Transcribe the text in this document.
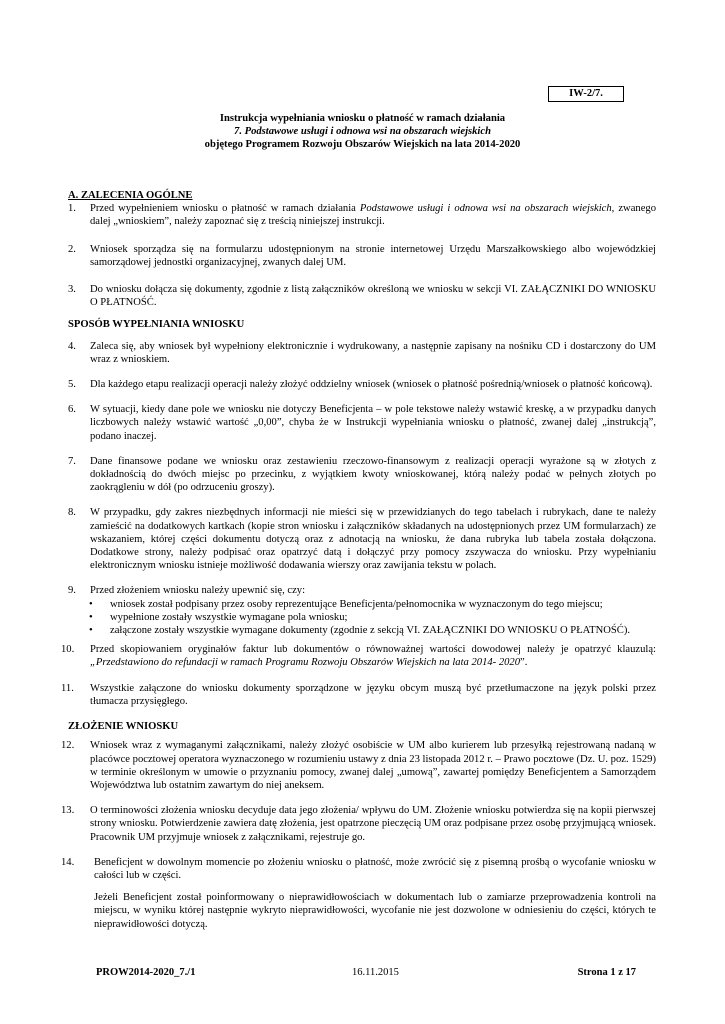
IW-2/7.
Instrukcja wypełniania wniosku o płatność w ramach działania
7. Podstawowe usługi i odnowa wsi na obszarach wiejskich
objętego Programem Rozwoju Obszarów Wiejskich na lata 2014-2020

A. ZALECENIA OGÓLNE

1. Przed wypełnieniem wniosku o płatność w ramach działania Podstawowe usługi i odnowa wsi na obszarach wiejskich, zwanego dalej „wnioskiem”, należy zapoznać się z treścią niniejszej instrukcji.
2. Wniosek sporządza się na formularzu udostępnionym na stronie internetowej Urzędu Marszałkowskiego albo wojewódzkiej samorządowej jednostki organizacyjnej, zwanych dalej UM.
3. Do wniosku dołącza się dokumenty, zgodnie z listą załączników określoną we wniosku w sekcji VI. ZAŁĄCZNIKI DO WNIOSKU O PŁATNOŚĆ.

SPOSÓB WYPEŁNIANIA WNIOSKU

4. Zaleca się, aby wniosek był wypełniony elektronicznie i wydrukowany, a następnie zapisany na nośniku CD i dostarczony do UM wraz z wnioskiem.
5. Dla każdego etapu realizacji operacji należy złożyć oddzielny wniosek (wniosek o płatność pośrednią/wniosek o płatność końcową).
6. W sytuacji, kiedy dane pole we wniosku nie dotyczy Beneficjenta – w pole tekstowe należy wstawić kreskę, a w przypadku danych liczbowych należy wstawić wartość „0,00”, chyba że w Instrukcji wypełniania wniosku o płatność, zwanej dalej „instrukcją”, podano inaczej.
7. Dane finansowe podane we wniosku oraz zestawieniu rzeczowo-finansowym z realizacji operacji wyrażone są w złotych z dokładnością do dwóch miejsc po przecinku, z wyjątkiem kwoty wnioskowanej, którą należy podać w pełnych złotych po zaokrągleniu w dół (po odrzuceniu groszy).
8. W przypadku, gdy zakres niezbędnych informacji nie mieści się w przewidzianych do tego tabelach i rubrykach, dane te należy zamieścić na dodatkowych kartkach (kopie stron wniosku i załączników składanych na udostępnionych przez UM formularzach) ze wskazaniem, której części dokumentu dotyczą oraz z adnotacją na wniosku, że dana rubryka lub tabela została dołączona. Dodatkowe strony, należy podpisać oraz opatrzyć datą i dołączyć przy pomocy zszywacza do wniosku. Przy wypełnianiu elektronicznym wniosku istnieje możliwość dodawania wierszy oraz zawijania tekstu w polach.
9. Przed złożeniem wniosku należy upewnić się, czy:
• wniosek został podpisany przez osoby reprezentujące Beneficjenta/pełnomocnika w wyznaczonym do tego miejscu;
• wypełnione zostały wszystkie wymagane pola wniosku;
• załączone zostały wszystkie wymagane dokumenty (zgodnie z sekcją VI. ZAŁĄCZNIKI DO WNIOSKU O PŁATNOŚĆ).
10. Przed skopiowaniem oryginałów faktur lub dokumentów o równoważnej wartości dowodowej należy je opatrzyć klauzulą: „Przedstawiono do refundacji w ramach Programu Rozwoju Obszarów Wiejskich na lata 2014- 2020”.
11. Wszystkie załączone do wniosku dokumenty sporządzone w języku obcym muszą być przetłumaczone na język polski przez tłumacza przysięgłego.

ZŁOŻENIE WNIOSKU

12. Wniosek wraz z wymaganymi załącznikami, należy złożyć osobiście w UM albo kurierem lub przesyłką rejestrowaną nadaną w placówce pocztowej operatora wyznaczonego w rozumieniu ustawy z dnia 23 listopada 2012 r. – Prawo pocztowe (Dz. U. poz. 1529) w terminie określonym w umowie o przyznaniu pomocy, zwanej dalej „umową”, zawartej pomiędzy Beneficjentem a Samorządem Województwa lub ostatnim zawartym do niej aneksem.
13. O terminowości złożenia wniosku decyduje data jego złożenia/ wpływu do UM. Złożenie wniosku potwierdza się na kopii pierwszej strony wniosku. Potwierdzenie zawiera datę złożenia, jest opatrzone pieczęcią UM oraz podpisane przez osobę przyjmującą wniosek. Pracownik UM przyjmuje wniosek z załącznikami, rejestruje go.
14. Beneficjent w dowolnym momencie po złożeniu wniosku o płatność, może zwrócić się z pisemną prośbą o wycofanie wniosku w całości lub w części.

Jeżeli Beneficjent został poinformowany o nieprawidłowościach w dokumentach lub o zamiarze przeprowadzenia kontroli na miejscu, w wyniku której następnie wykryto nieprawidłowości, wycofanie nie jest dozwolone w odniesieniu do części, których te nieprawidłowości dotyczą.

PROW2014-2020_7./1	16.11.2015	Strona 1 z 17
